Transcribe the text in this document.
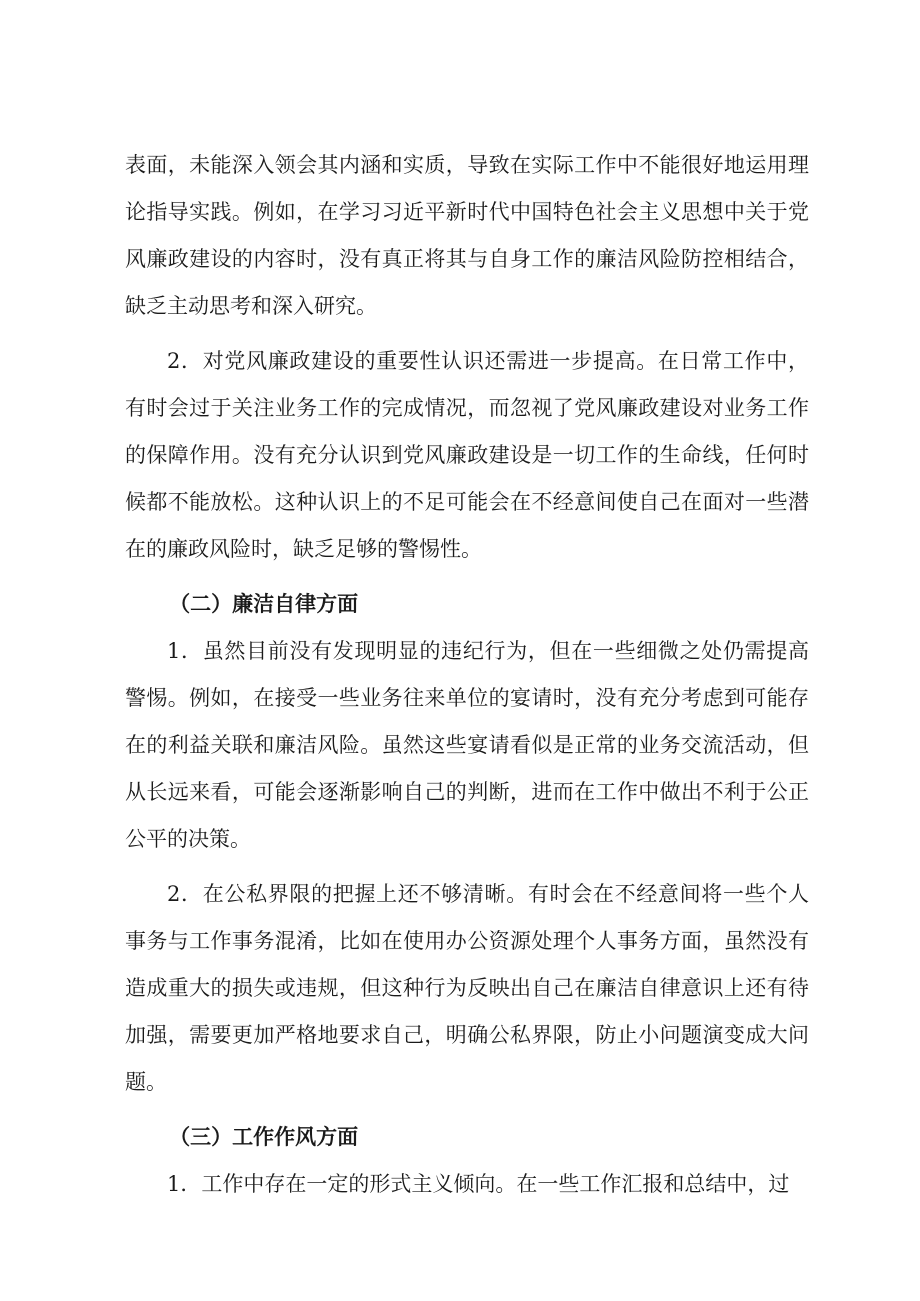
表面，未能深入领会其内涵和实质，导致在实际工作中不能很好地运用理论指导实践。例如，在学习习近平新时代中国特色社会主义思想中关于党风廉政建设的内容时，没有真正将其与自身工作的廉洁风险防控相结合，缺乏主动思考和深入研究。

2．对党风廉政建设的重要性认识还需进一步提高。在日常工作中，有时会过于关注业务工作的完成情况，而忽视了党风廉政建设对业务工作的保障作用。没有充分认识到党风廉政建设是一切工作的生命线，任何时候都不能放松。这种认识上的不足可能会在不经意间使自己在面对一些潜在的廉政风险时，缺乏足够的警惕性。

（二）廉洁自律方面

1．虽然目前没有发现明显的违纪行为，但在一些细微之处仍需提高警惕。例如，在接受一些业务往来单位的宴请时，没有充分考虑到可能存在的利益关联和廉洁风险。虽然这些宴请看似是正常的业务交流活动，但从长远来看，可能会逐渐影响自己的判断，进而在工作中做出不利于公正公平的决策。

2．在公私界限的把握上还不够清晰。有时会在不经意间将一些个人事务与工作事务混淆，比如在使用办公资源处理个人事务方面，虽然没有造成重大的损失或违规，但这种行为反映出自己在廉洁自律意识上还有待加强，需要更加严格地要求自己，明确公私界限，防止小问题演变成大问题。

（三）工作作风方面

1．工作中存在一定的形式主义倾向。在一些工作汇报和总结中，过
